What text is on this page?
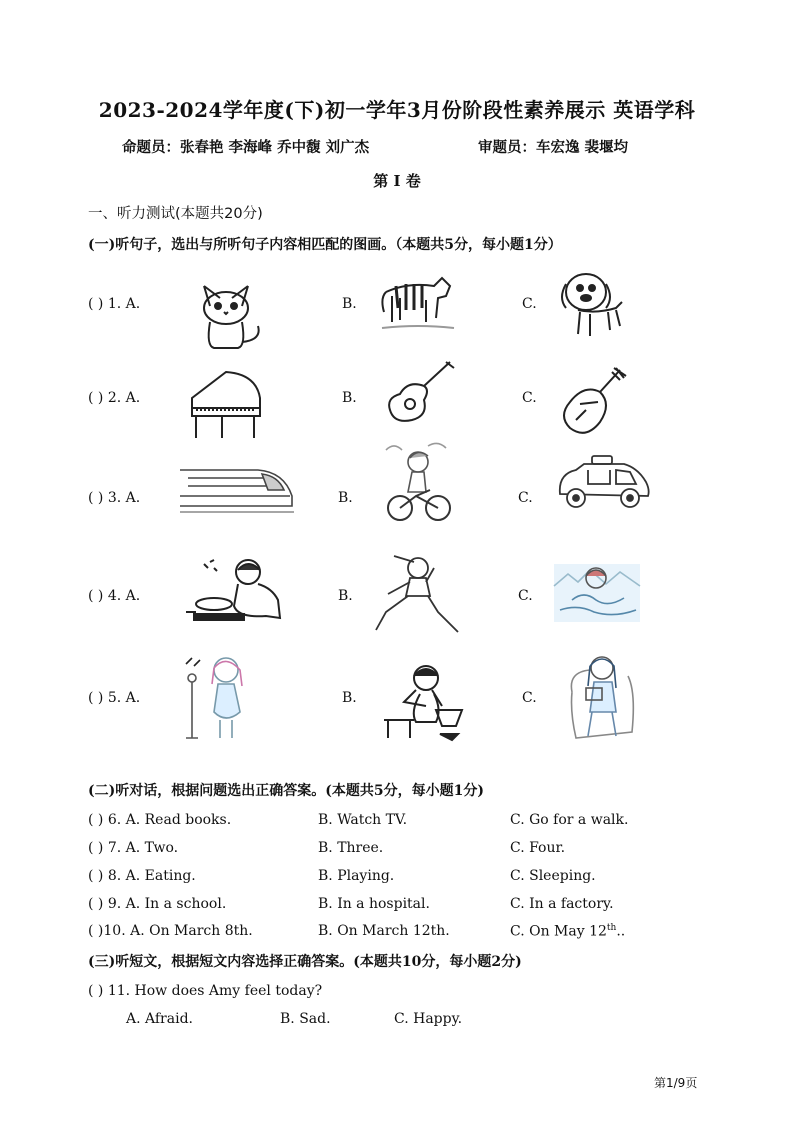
2023-2024学年度(下)初一学年3月份阶段性素养展示 英语学科
命题员：张春艳 李海峰 乔中馥 刘广杰	审题员：车宏逸 裴堰均
第 I 卷
一、听力测试(本题共20分)
(一)听句子，选出与所听句子内容相匹配的图画。（本题共5分，每小题1分）
( ) 1. A.	B.	C.
( ) 2. A.	B.	C.
( ) 3. A.	B.	C.
( ) 4. A.	B.	C.
( ) 5. A.	B.	C.
(二)听对话，根据问题选出正确答案。(本题共5分，每小题1分)
( ) 6. A. Read books.	B. Watch TV.	C. Go for a walk.
( ) 7. A. Two.	B. Three.	C. Four.
( ) 8. A. Eating.	B. Playing.	C. Sleeping.
( ) 9. A. In a school.	B. In a hospital.	C. In a factory.
( )10. A. On March 8th.	B. On March 12th.	C. On May 12th..
(三)听短文，根据短文内容选择正确答案。(本题共10分，每小题2分)
( ) 11. How does Amy feel today?
A. Afraid.	B. Sad.	C. Happy.
第1/9页
